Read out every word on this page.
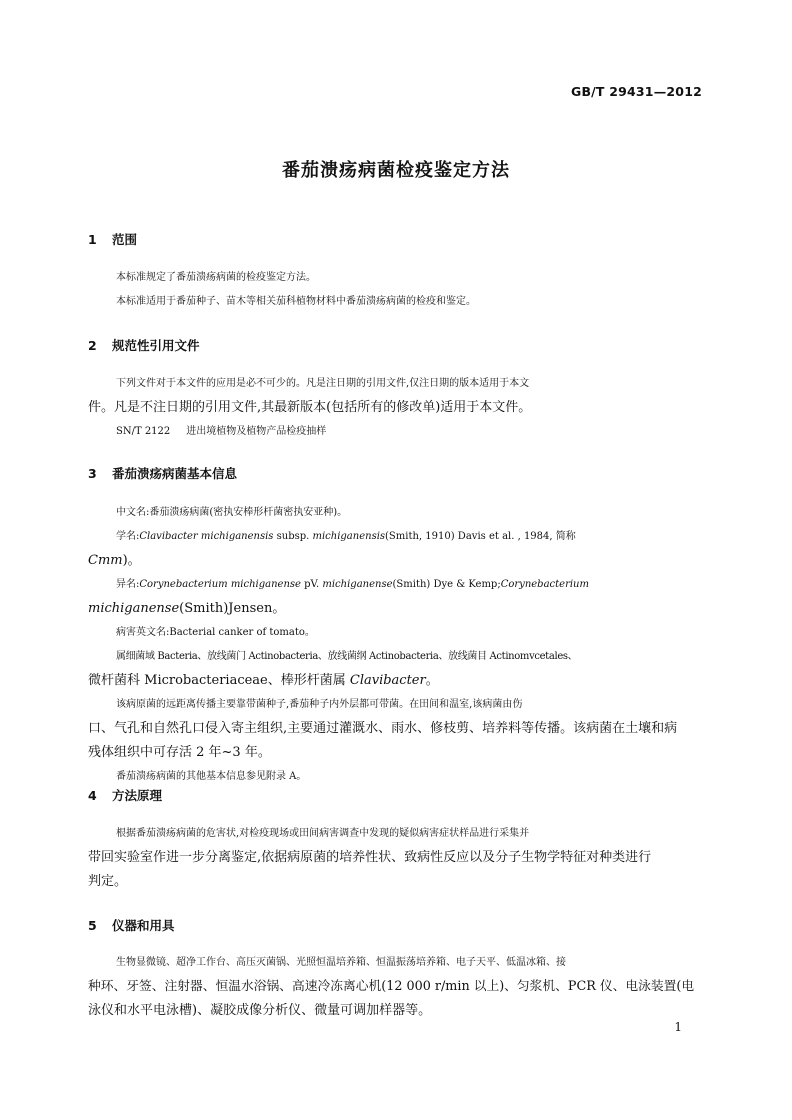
GB/T 29431—2012
番茄溃疡病菌检疫鉴定方法
1 范围
本标准规定了番茄溃疡病菌的检疫鉴定方法。
本标准适用于番茄种子、苗木等相关茄科植物材料中番茄溃疡病菌的检疫和鉴定。
2 规范性引用文件
下列文件对于本文件的应用是必不可少的。凡是注日期的引用文件,仅注日期的版本适用于本文
件。凡是不注日期的引用文件,其最新版本(包括所有的修改单)适用于本文件。
SN/T 2122 进出境植物及植物产品检疫抽样
3 番茄溃疡病菌基本信息
中文名:番茄溃疡病菌(密执安棒形杆菌密执安亚种)。
学名:Clavibacter michiganensis subsp. michiganensis(Smith, 1910) Davis et al. , 1984, 简称
Cmm)。
异名:Corynebacterium michiganense pV. michiganense(Smith) Dye & Kemp;Corynebacterium
michiganense(Smith)Jensen。
病害英文名:Bacterial canker of tomato。
属细菌域 Bacteria、放线菌门 Actinobacteria、放线菌纲 Actinobacteria、放线菌目 Actinomvcetales、
微杆菌科 Microbacteriaceae、棒形杆菌属 Clavibacter。
该病原菌的远距离传播主要靠带菌种子,番茄种子内外层都可带菌。在田间和温室,该病菌由伤
口、气孔和自然孔口侵入寄主组织,主要通过灌溉水、雨水、修枝剪、培养料等传播。该病菌在土壤和病
残体组织中可存活 2 年~3 年。
番茄溃疡病菌的其他基本信息参见附录 A。
4 方法原理
根据番茄溃疡病菌的危害状,对检疫现场或田间病害调查中发现的疑似病害症状样品进行采集并
带回实验室作进一步分离鉴定,依据病原菌的培养性状、致病性反应以及分子生物学特征对种类进行
判定。
5 仪器和用具
生物显微镜、超净工作台、高压灭菌锅、光照恒温培养箱、恒温振荡培养箱、电子天平、低温冰箱、接
种环、牙签、注射器、恒温水浴锅、高速冷冻离心机(12 000 r/min 以上)、匀浆机、PCR 仪、电泳装置(电
泳仪和水平电泳槽)、凝胶成像分析仪、微量可调加样器等。
1
